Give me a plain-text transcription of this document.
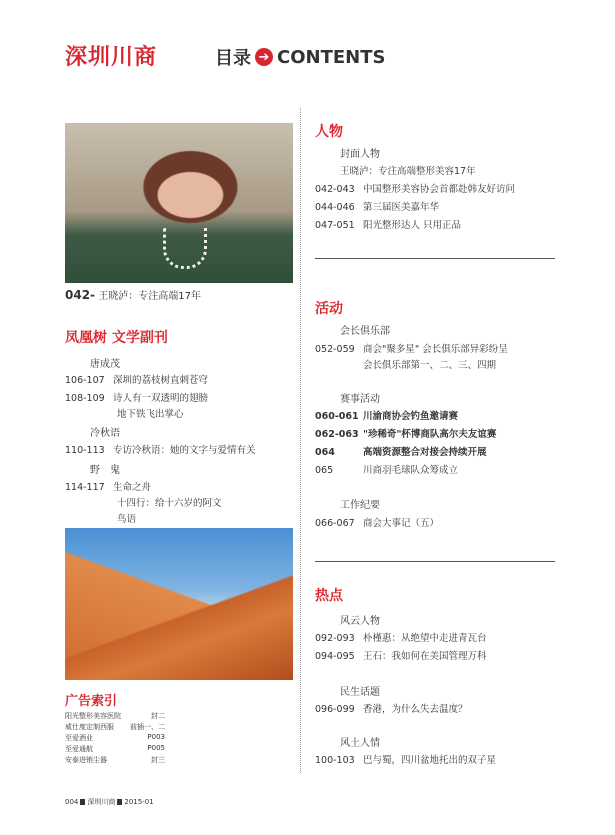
深圳川商	目录 ➔ CONTENTS
042- 王晓泸：专注高端17年
凤凰树 文学副刊
唐成茂
106-107 深圳的荔枝树直刺苍穹
108-109 诗人有一双透明的翅膀
地下铁飞出掌心
冷秋语
110-113 专访冷秋语：她的文字与爱情有关
野　鬼
114-117 生命之舟
十四行：给十六岁的阿文
鸟语
广告索引
阳光整形美容医院	封二
威仕度定制西服 前插一、二
至爱酒业	P003
至爱通航	P005
安泰进销尘器	封三
人物
封面人物
王晓泸：专注高端整形美容17年
042-043 中国整形美容协会首都赴韩友好访问
044-046 第三届医美嘉年华
047-051 阳光整形达人 只用正品
活动
会长俱乐部
052-059 商会"聚多星" 会长俱乐部异彩纷呈
会长俱乐部第一、二、三、四期
赛事活动
060-061 川渝商协会钓鱼邀请赛
062-063 "珍稀奇"杯博商队高尔夫友谊赛
064	高端资源整合对接会持续开展
065	川商羽毛球队众筹成立
工作纪要
066-067 商会大事记（五）
热点
风云人物
092-093 朴槿惠：从绝望中走进青瓦台
094-095 王石：我如何在美国管理万科
民生话题
096-099 香港，为什么失去温度？
风土人情
100-103 巴与蜀，四川盆地托出的双子星
004 深圳川商 2015-01
